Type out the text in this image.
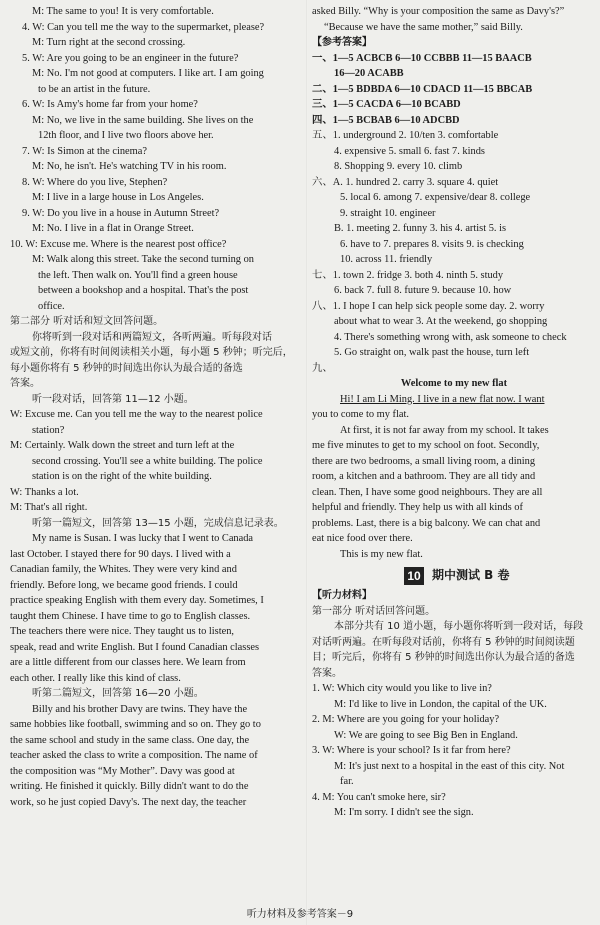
M: The same to you! It is very comfortable.
4. W: Can you tell me the way to the supermarket, please?
M: Turn right at the second crossing.
5. W: Are you going to be an engineer in the future?
M: No. I'm not good at computers. I like art. I am going
to be an artist in the future.
6. W: Is Amy's home far from your home?
M: No, we live in the same building. She lives on the
12th floor, and I live two floors above her.
7. W: Is Simon at the cinema?
M: No, he isn't. He's watching TV in his room.
8. W: Where do you live, Stephen?
M: I live in a large house in Los Angeles.
9. W: Do you live in a house in Autumn Street?
M: No. I live in a flat in Orange Street.
10. W: Excuse me. Where is the nearest post office?
M: Walk along this street. Take the second turning on
the left. Then walk on. You'll find a green house
between a bookshop and a hospital. That's the post
office.
第二部分 听对话和短文回答问题。
你将听到一段对话和两篇短文，各听两遍。听每段对话
或短文前，你将有时间阅读相关小题，每小题 5 秒钟；听完后，
每小题你将有 5 秒钟的时间选出你认为最合适的备选
答案。
听一段对话，回答第 11—12 小题。
W: Excuse me. Can you tell me the way to the nearest police
station?
M: Certainly. Walk down the street and turn left at the
second crossing. You'll see a white building. The police
station is on the right of the white building.
W: Thanks a lot.
M: That's all right.
听第一篇短文，回答第 13—15 小题，完成信息记录表。
My name is Susan. I was lucky that I went to Canada
last October. I stayed there for 90 days. I lived with a
Canadian family, the Whites. They were very kind and
friendly. Before long, we became good friends. I could
practice speaking English with them every day. Sometimes, I
taught them Chinese. I have time to go to English classes.
The teachers there were nice. They taught us to listen,
speak, read and write English. But I found Canadian classes
are a little different from our classes here. We learn from
each other. I really like this kind of class.
听第二篇短文，回答第 16—20 小题。
Billy and his brother Davy are twins. They have the
same hobbies like football, swimming and so on. They go to
the same school and study in the same class. One day, the
teacher asked the class to write a composition. The name of
the composition was “My Mother”. Davy was good at
writing. He finished it quickly. Billy didn't want to do the
work, so he just copied Davy's. The next day, the teacher
asked Billy. “Why is your composition the same as Davy's?”
“Because we have the same mother,” said Billy.
【参考答案】
一、1—5 ACBCB 6—10 CCBBB 11—15 BAACB
16—20 ACABB
二、1—5 BDBDA 6—10 CDACD 11—15 BBCAB
三、1—5 CACDA 6—10 BCABD
四、1—5 BCBAB 6—10 ADCBD
五、1. underground 2. 10/ten 3. comfortable
4. expensive 5. small 6. fast 7. kinds
8. Shopping 9. every 10. climb
六、A. 1. hundred 2. carry 3. square 4. quiet
5. local 6. among 7. expensive/dear 8. college
9. straight 10. engineer
B. 1. meeting 2. funny 3. his 4. artist 5. is
6. have to 7. prepares 8. visits 9. is checking
10. across 11. friendly
七、1. town 2. fridge 3. both 4. ninth 5. study
6. back 7. full 8. future 9. because 10. how
八、1. I hope I can help sick people some day. 2. worry
about what to wear 3. At the weekend, go shopping
4. There's something wrong with, ask someone to check
5. Go straight on, walk past the house, turn left
九、
Welcome to my new flat
Hi! I am Li Ming. I live in a new flat now. I want
you to come to my flat.
At first, it is not far away from my school. It takes
me five minutes to get to my school on foot. Secondly,
there are two bedrooms, a small living room, a dining
room, a kitchen and a bathroom. They are all tidy and
clean. Then, I have some good neighbours. They are all
helpful and friendly. They help us with all kinds of
problems. Last, there is a big balcony. We can chat and
eat nice food over there.
This is my new flat.
10 期中测试 B 卷
【听力材料】
第一部分 听对话回答问题。
本部分共有 10 道小题，每小题你将听到一段对话，每段
对话听两遍。在听每段对话前，你将有 5 秒钟的时间阅读题
目；听完后，你将有 5 秒钟的时间选出你认为最合适的备选
答案。
1. W: Which city would you like to live in?
M: I'd like to live in London, the capital of the UK.
2. M: Where are you going for your holiday?
W: We are going to see Big Ben in England.
3. W: Where is your school? Is it far from here?
M: It's just next to a hospital in the east of this city. Not
far.
4. M: You can't smoke here, sir?
M: I'm sorry. I didn't see the sign.
听力材料及参考答案－9
